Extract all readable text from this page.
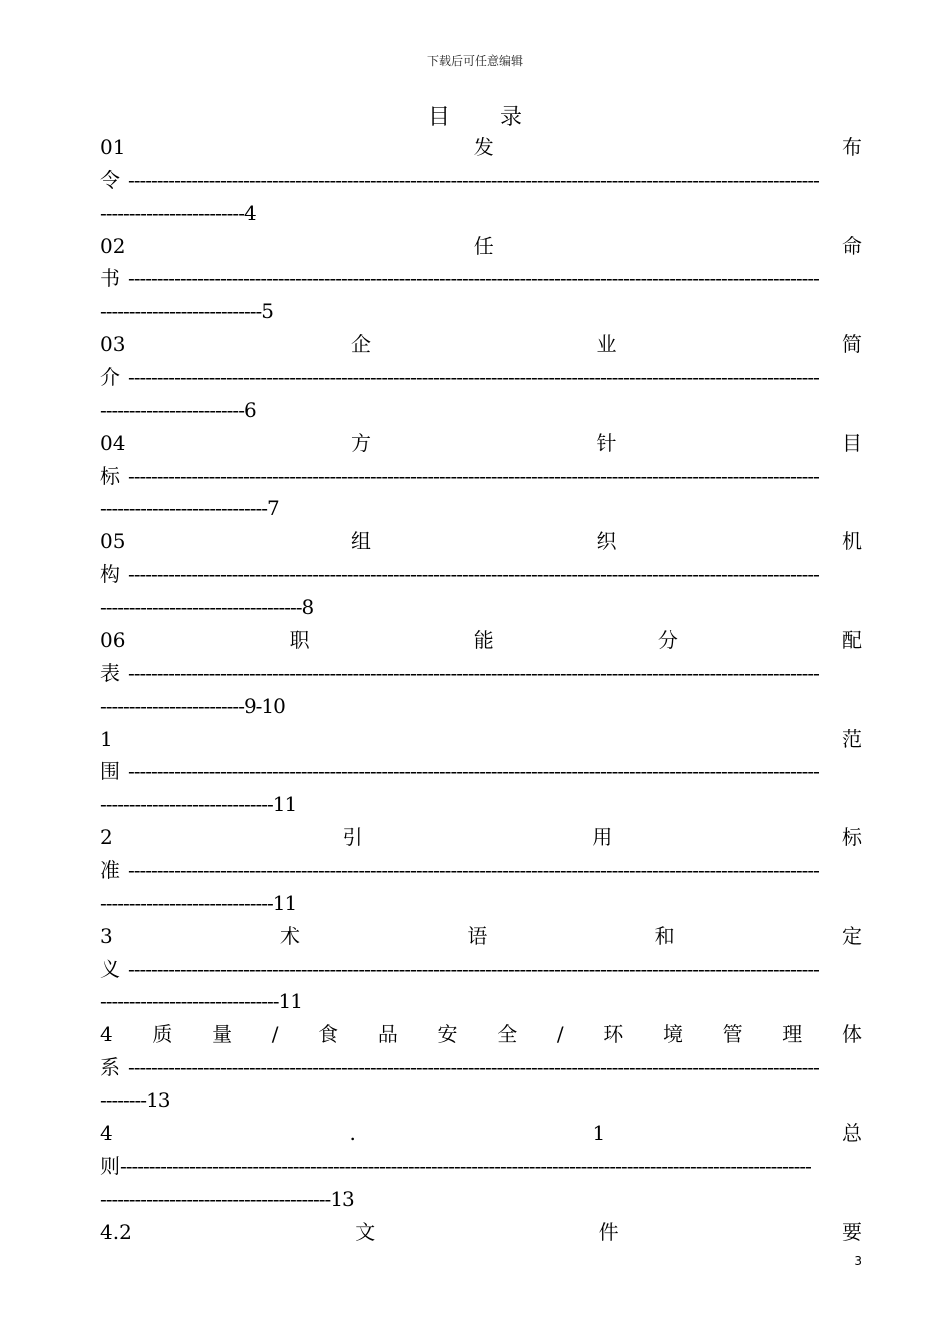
下载后可任意编辑
目 录
01	发	布
令 ------------------------------------------------------------------------------------------------------------------------
-------------------------4
02	任	命
书 ------------------------------------------------------------------------------------------------------------------------
----------------------------5
03	企	业	简
介 ------------------------------------------------------------------------------------------------------------------------
-------------------------6
04	方	针	目
标 ------------------------------------------------------------------------------------------------------------------------
-----------------------------7
05	组	织	机
构 ------------------------------------------------------------------------------------------------------------------------
-----------------------------------8
06	职	能	分	配
表 ------------------------------------------------------------------------------------------------------------------------
-------------------------9-10
1	范
围 ------------------------------------------------------------------------------------------------------------------------
------------------------------11
2	引	用	标
准 ------------------------------------------------------------------------------------------------------------------------
------------------------------11
3	术	语	和	定
义 ------------------------------------------------------------------------------------------------------------------------
-------------------------------11
4 质 量 / 食 品 安 全 / 环 境 管 理 体
系 ------------------------------------------------------------------------------------------------------------------------
--------13
4	.	1	总
则 ------------------------------------------------------------------------------------------------------------------------
----------------------------------------13
4.2	文	件	要
3
